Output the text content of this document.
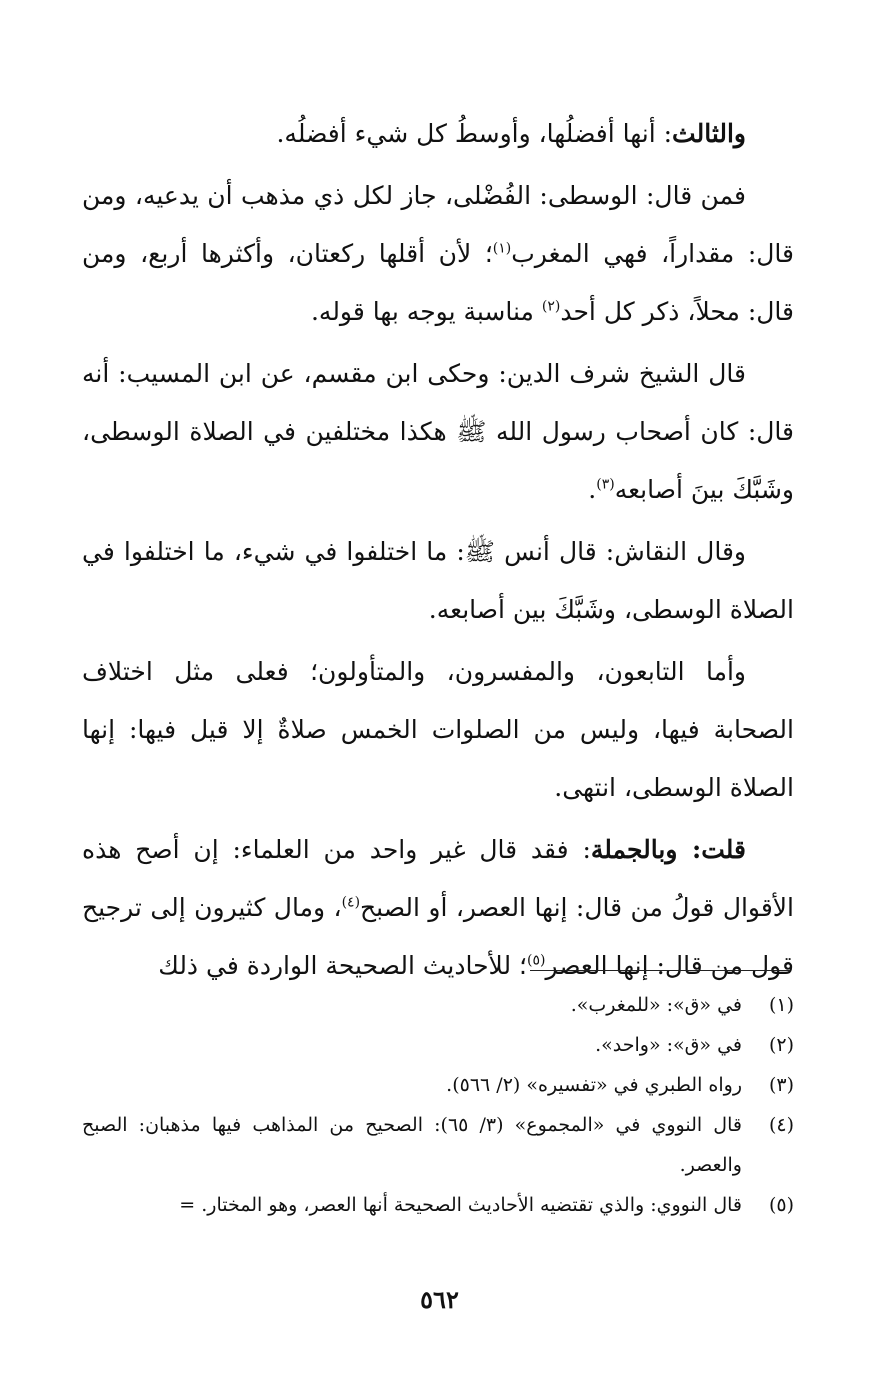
والثالث: أنها أفضلُها، وأوسطُ كل شيء أفضلُه.

فمن قال: الوسطى: الفُضْلى، جاز لكل ذي مذهب أن يدعيه، ومن قال: مقداراً، فهي المغرب$^{(١)}$؛ لأن أقلها ركعتان، وأكثرها أربع، ومن قال: محلاً، ذكر كل أحد$^{(٢)}$ مناسبة يوجه بها قوله.

قال الشيخ شرف الدين: وحكى ابن مقسم، عن ابن المسيب: أنه قال: كان أصحاب رسول الله ﷺ هكذا مختلفين في الصلاة الوسطى، وشَبَّكَ بينَ أصابعه$^{(٣)}$.

وقال النقاش: قال أنس ﷺ: ما اختلفوا في شيء، ما اختلفوا في الصلاة الوسطى، وشَبَّكَ بين أصابعه.

وأما التابعون، والمفسرون، والمتأولون؛ فعلى مثل اختلاف الصحابة فيها، وليس من الصلوات الخمس صلاةٌ إلا قيل فيها: إنها الصلاة الوسطى، انتهى.

قلت: وبالجملة: فقد قال غير واحد من العلماء: إن أصح هذه الأقوال قولُ من قال: إنها العصر، أو الصبح$^{(٤)}$، ومال كثيرون إلى ترجيح قول من قال: إنها العصر$^{(٥)}$؛ للأحاديث الصحيحة الواردة في ذلك

(١)
في «ق»: «للمغرب».
(٢)
في «ق»: «واحد».
(٣)
رواه الطبري في «تفسيره» (٢/ ٥٦٦).
(٤)
قال النووي في «المجموع» (٣/ ٦٥): الصحيح من المذاهب فيها مذهبان: الصبح والعصر.
(٥)
قال النووي: والذي تقتضيه الأحاديث الصحيحة أنها العصر، وهو المختار. =
٥٦٢
